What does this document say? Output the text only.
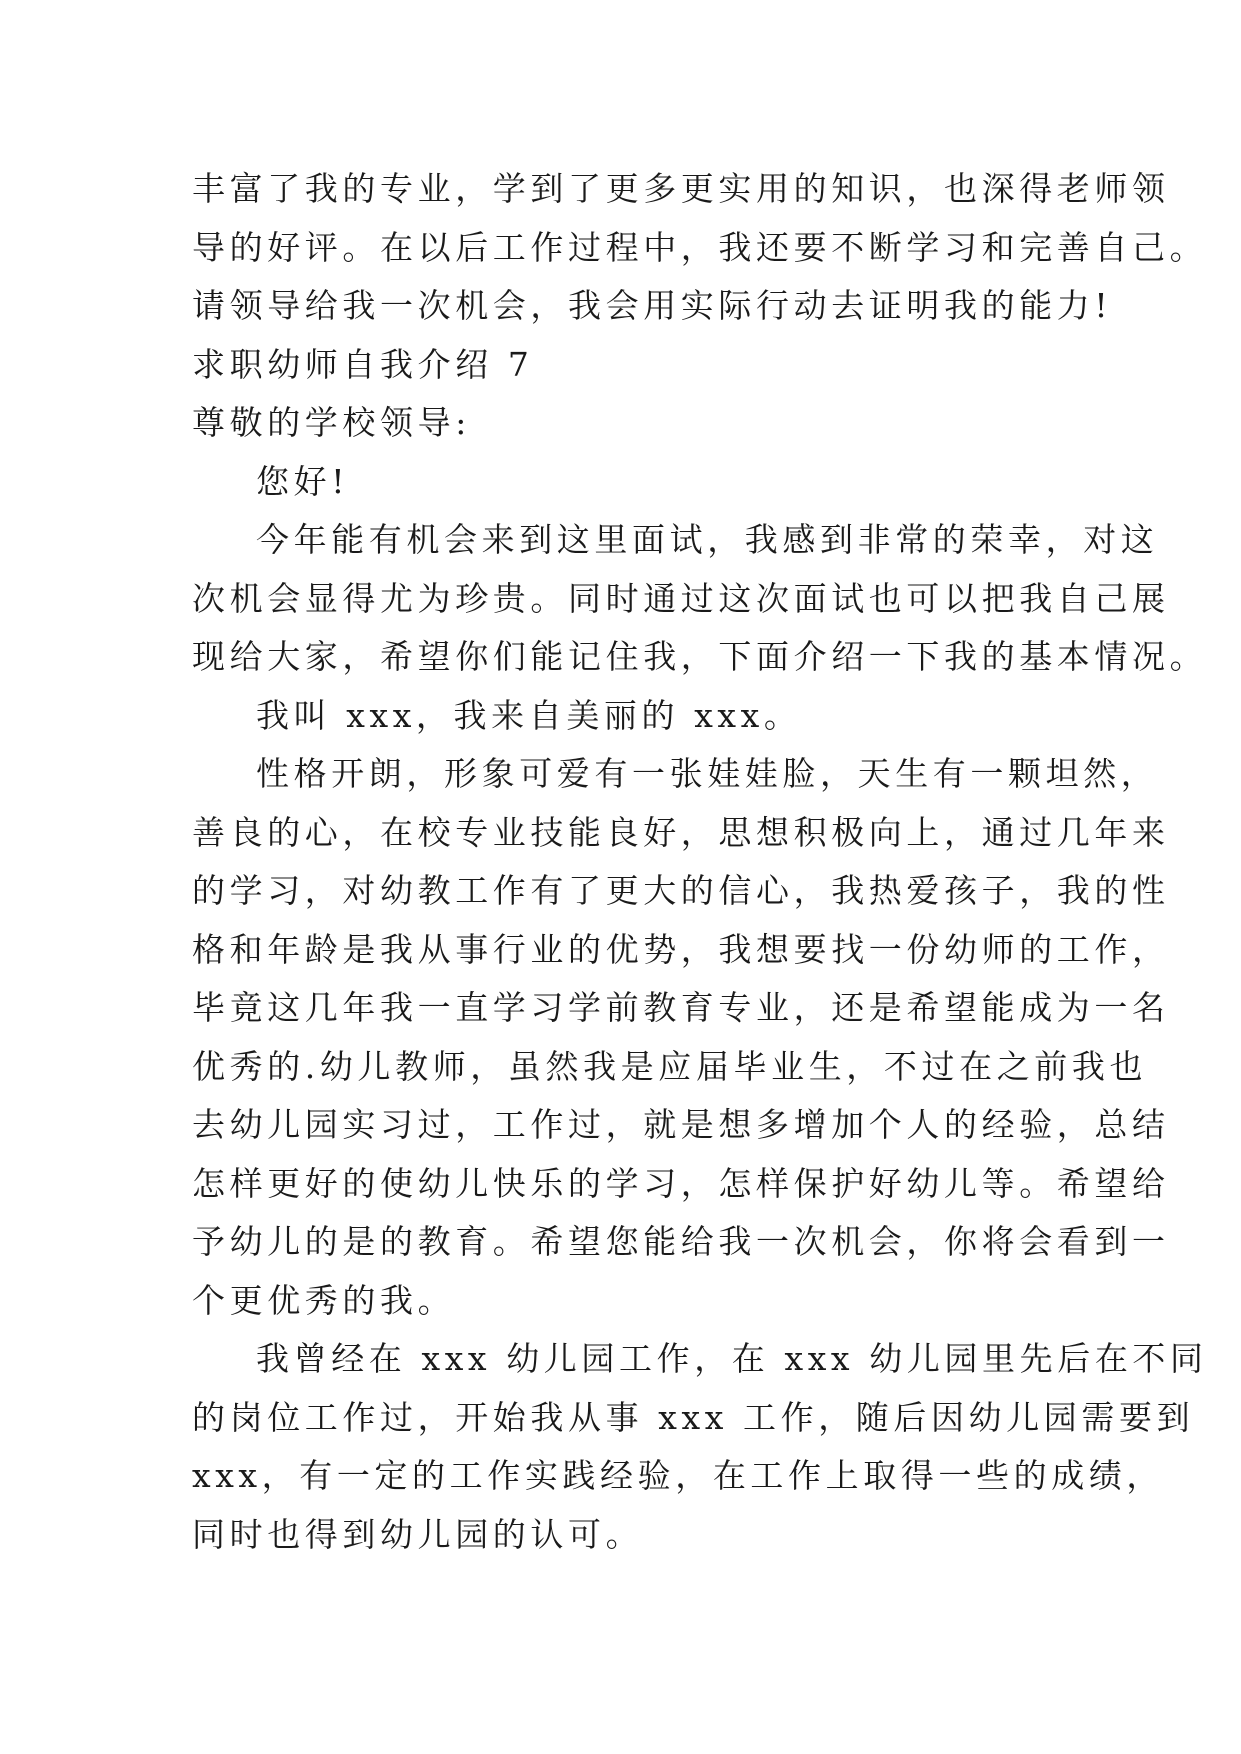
丰富了我的专业，学到了更多更实用的知识，也深得老师领
导的好评。在以后工作过程中，我还要不断学习和完善自己。
请领导给我一次机会，我会用实际行动去证明我的能力!
求职幼师自我介绍 7
尊敬的学校领导:
您好!
今年能有机会来到这里面试，我感到非常的荣幸，对这
次机会显得尤为珍贵。同时通过这次面试也可以把我自己展
现给大家，希望你们能记住我，下面介绍一下我的基本情况。
我叫 xxx，我来自美丽的 xxx。
性格开朗，形象可爱有一张娃娃脸，天生有一颗坦然，
善良的心，在校专业技能良好，思想积极向上，通过几年来
的学习，对幼教工作有了更大的信心，我热爱孩子，我的性
格和年龄是我从事行业的优势，我想要找一份幼师的工作，
毕竟这几年我一直学习学前教育专业，还是希望能成为一名
优秀的.幼儿教师，虽然我是应届毕业生，不过在之前我也
去幼儿园实习过，工作过，就是想多增加个人的经验，总结
怎样更好的使幼儿快乐的学习，怎样保护好幼儿等。希望给
予幼儿的是的教育。希望您能给我一次机会，你将会看到一
个更优秀的我。
我曾经在 xxx 幼儿园工作，在 xxx 幼儿园里先后在不同
的岗位工作过，开始我从事 xxx 工作，随后因幼儿园需要到
xxx，有一定的工作实践经验，在工作上取得一些的成绩，
同时也得到幼儿园的认可。
